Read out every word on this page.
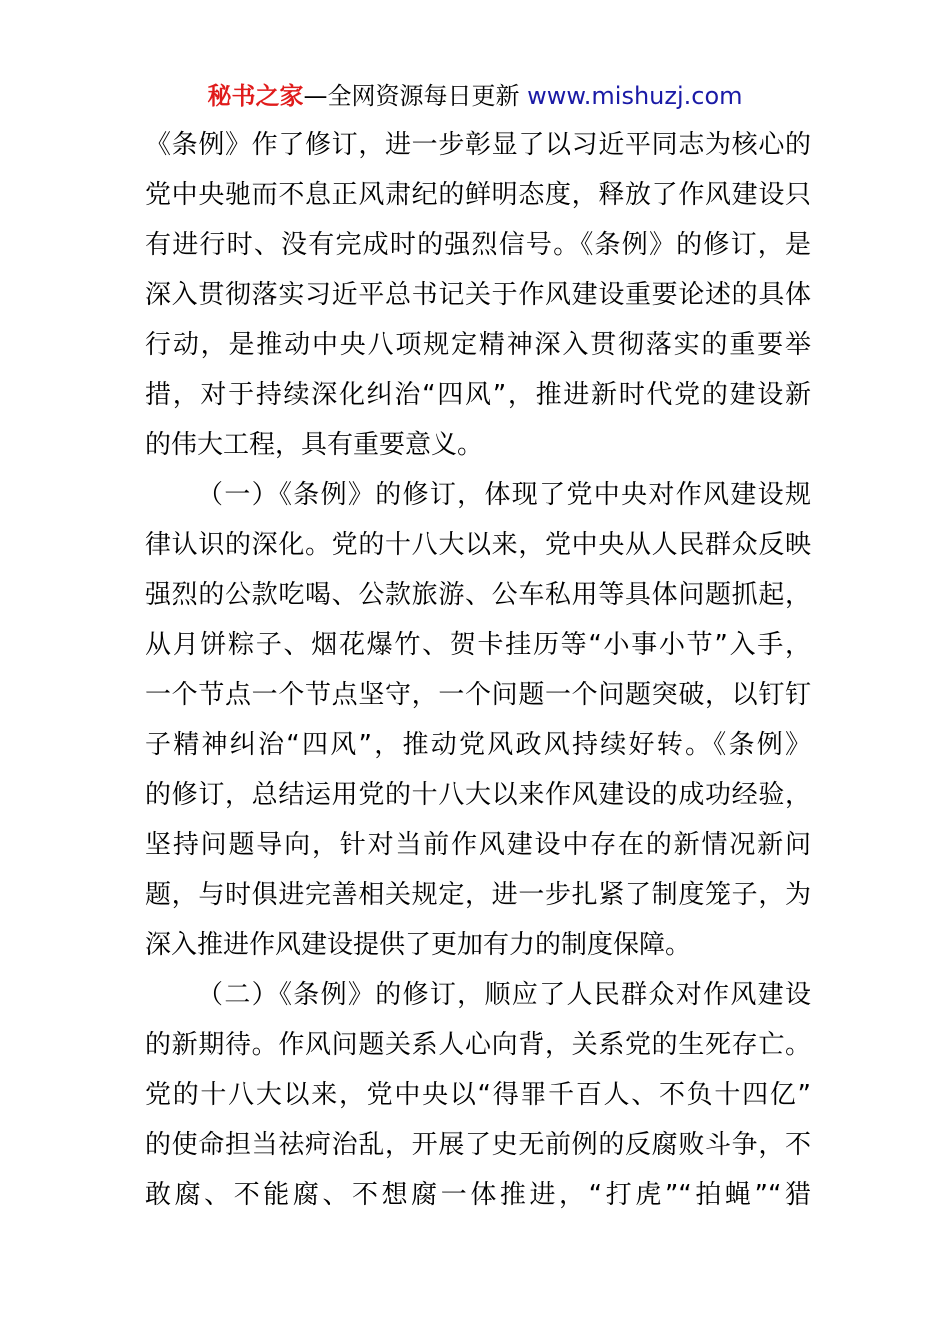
秘书之家—全网资源每日更新 www.mishuzj.com
《条例》作了修订，进一步彰显了以习近平同志为核心的
党中央驰而不息正风肃纪的鲜明态度，释放了作风建设只
有进行时、没有完成时的强烈信号。《条例》的修订，是
深入贯彻落实习近平总书记关于作风建设重要论述的具体
行动，是推动中央八项规定精神深入贯彻落实的重要举
措，对于持续深化纠治“四风”，推进新时代党的建设新
的伟大工程，具有重要意义。
（一）《条例》的修订，体现了党中央对作风建设规
律认识的深化。党的十八大以来，党中央从人民群众反映
强烈的公款吃喝、公款旅游、公车私用等具体问题抓起，
从月饼粽子、烟花爆竹、贺卡挂历等“小事小节”入手，
一个节点一个节点坚守，一个问题一个问题突破，以钉钉
子精神纠治“四风”，推动党风政风持续好转。《条例》
的修订，总结运用党的十八大以来作风建设的成功经验，
坚持问题导向，针对当前作风建设中存在的新情况新问
题，与时俱进完善相关规定，进一步扎紧了制度笼子，为
深入推进作风建设提供了更加有力的制度保障。
（二）《条例》的修订，顺应了人民群众对作风建设
的新期待。作风问题关系人心向背，关系党的生死存亡。
党的十八大以来，党中央以“得罪千百人、不负十四亿”
的使命担当祛疴治乱，开展了史无前例的反腐败斗争，不
敢腐、不能腐、不想腐一体推进，“打虎”“拍蝇”“猎
